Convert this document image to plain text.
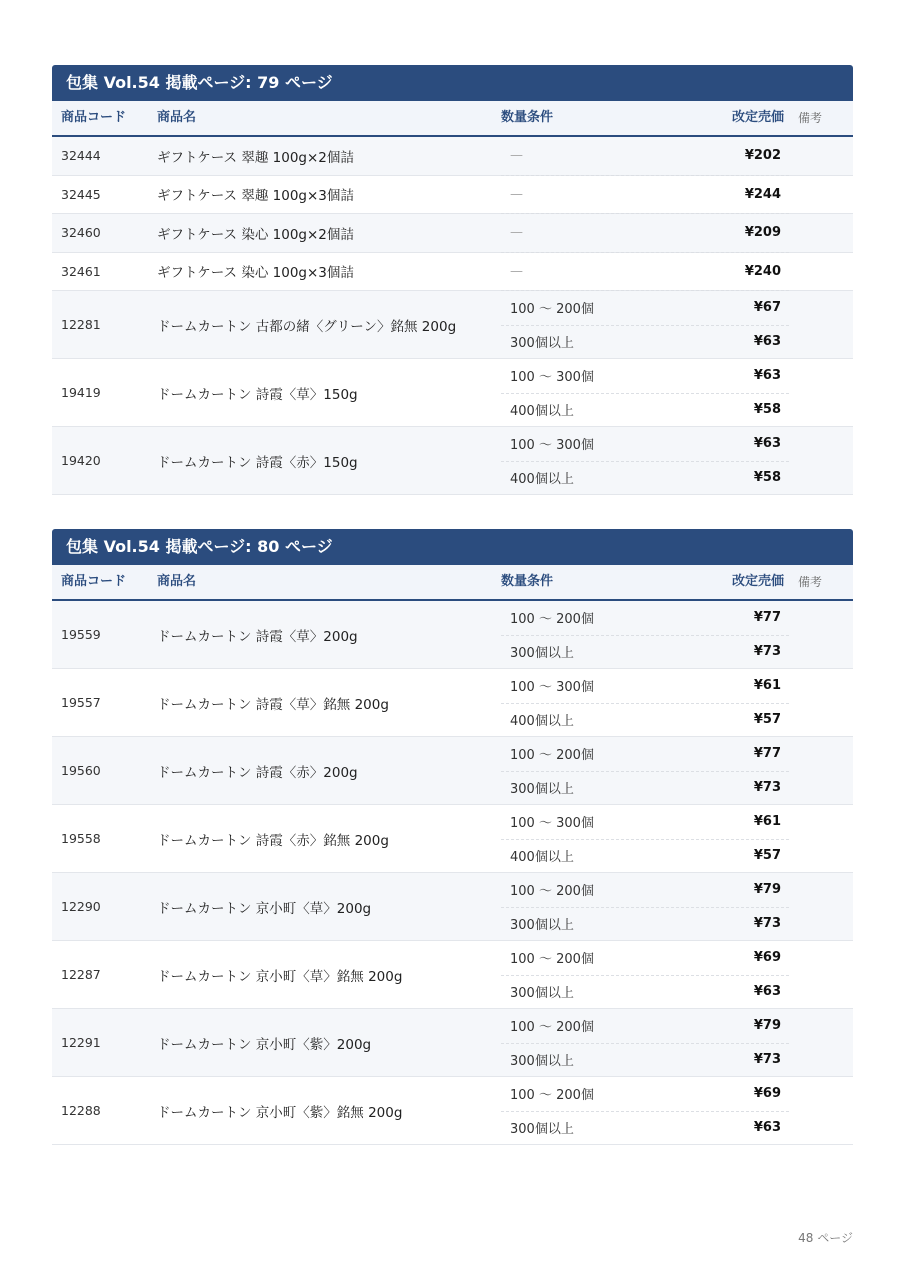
包集 Vol.54 掲載ページ: 79 ページ
商品コード 商品名	数量条件	改定売価 備考
32444	ギフトケース 翠趣 100g×2個詰	—	¥202
32445	ギフトケース 翠趣 100g×3個詰	—	¥244
32460	ギフトケース 染心 100g×2個詰	—	¥209
32461	ギフトケース 染心 100g×3個詰	—	¥240
12281	ドームカートン 古都の緒〈グリーン〉銘無 200g
100 〜 200個	¥67
300個以上	¥63
19419	ドームカートン 詩霞〈草〉150g
100 〜 300個	¥63
400個以上	¥58
19420	ドームカートン 詩霞〈赤〉150g
100 〜 300個	¥63
400個以上	¥58
包集 Vol.54 掲載ページ: 80 ページ
商品コード 商品名	数量条件	改定売価 備考
19559	ドームカートン 詩霞〈草〉200g
100 〜 200個	¥77
300個以上	¥73
19557	ドームカートン 詩霞〈草〉銘無 200g
100 〜 300個	¥61
400個以上	¥57
19560	ドームカートン 詩霞〈赤〉200g
100 〜 200個	¥77
300個以上	¥73
19558	ドームカートン 詩霞〈赤〉銘無 200g
100 〜 300個	¥61
400個以上	¥57
12290	ドームカートン 京小町〈草〉200g
100 〜 200個	¥79
300個以上	¥73
12287	ドームカートン 京小町〈草〉銘無 200g
100 〜 200個	¥69
300個以上	¥63
12291	ドームカートン 京小町〈紫〉200g
100 〜 200個	¥79
300個以上	¥73
12288	ドームカートン 京小町〈紫〉銘無 200g
100 〜 200個	¥69
300個以上	¥63
48 ページ
